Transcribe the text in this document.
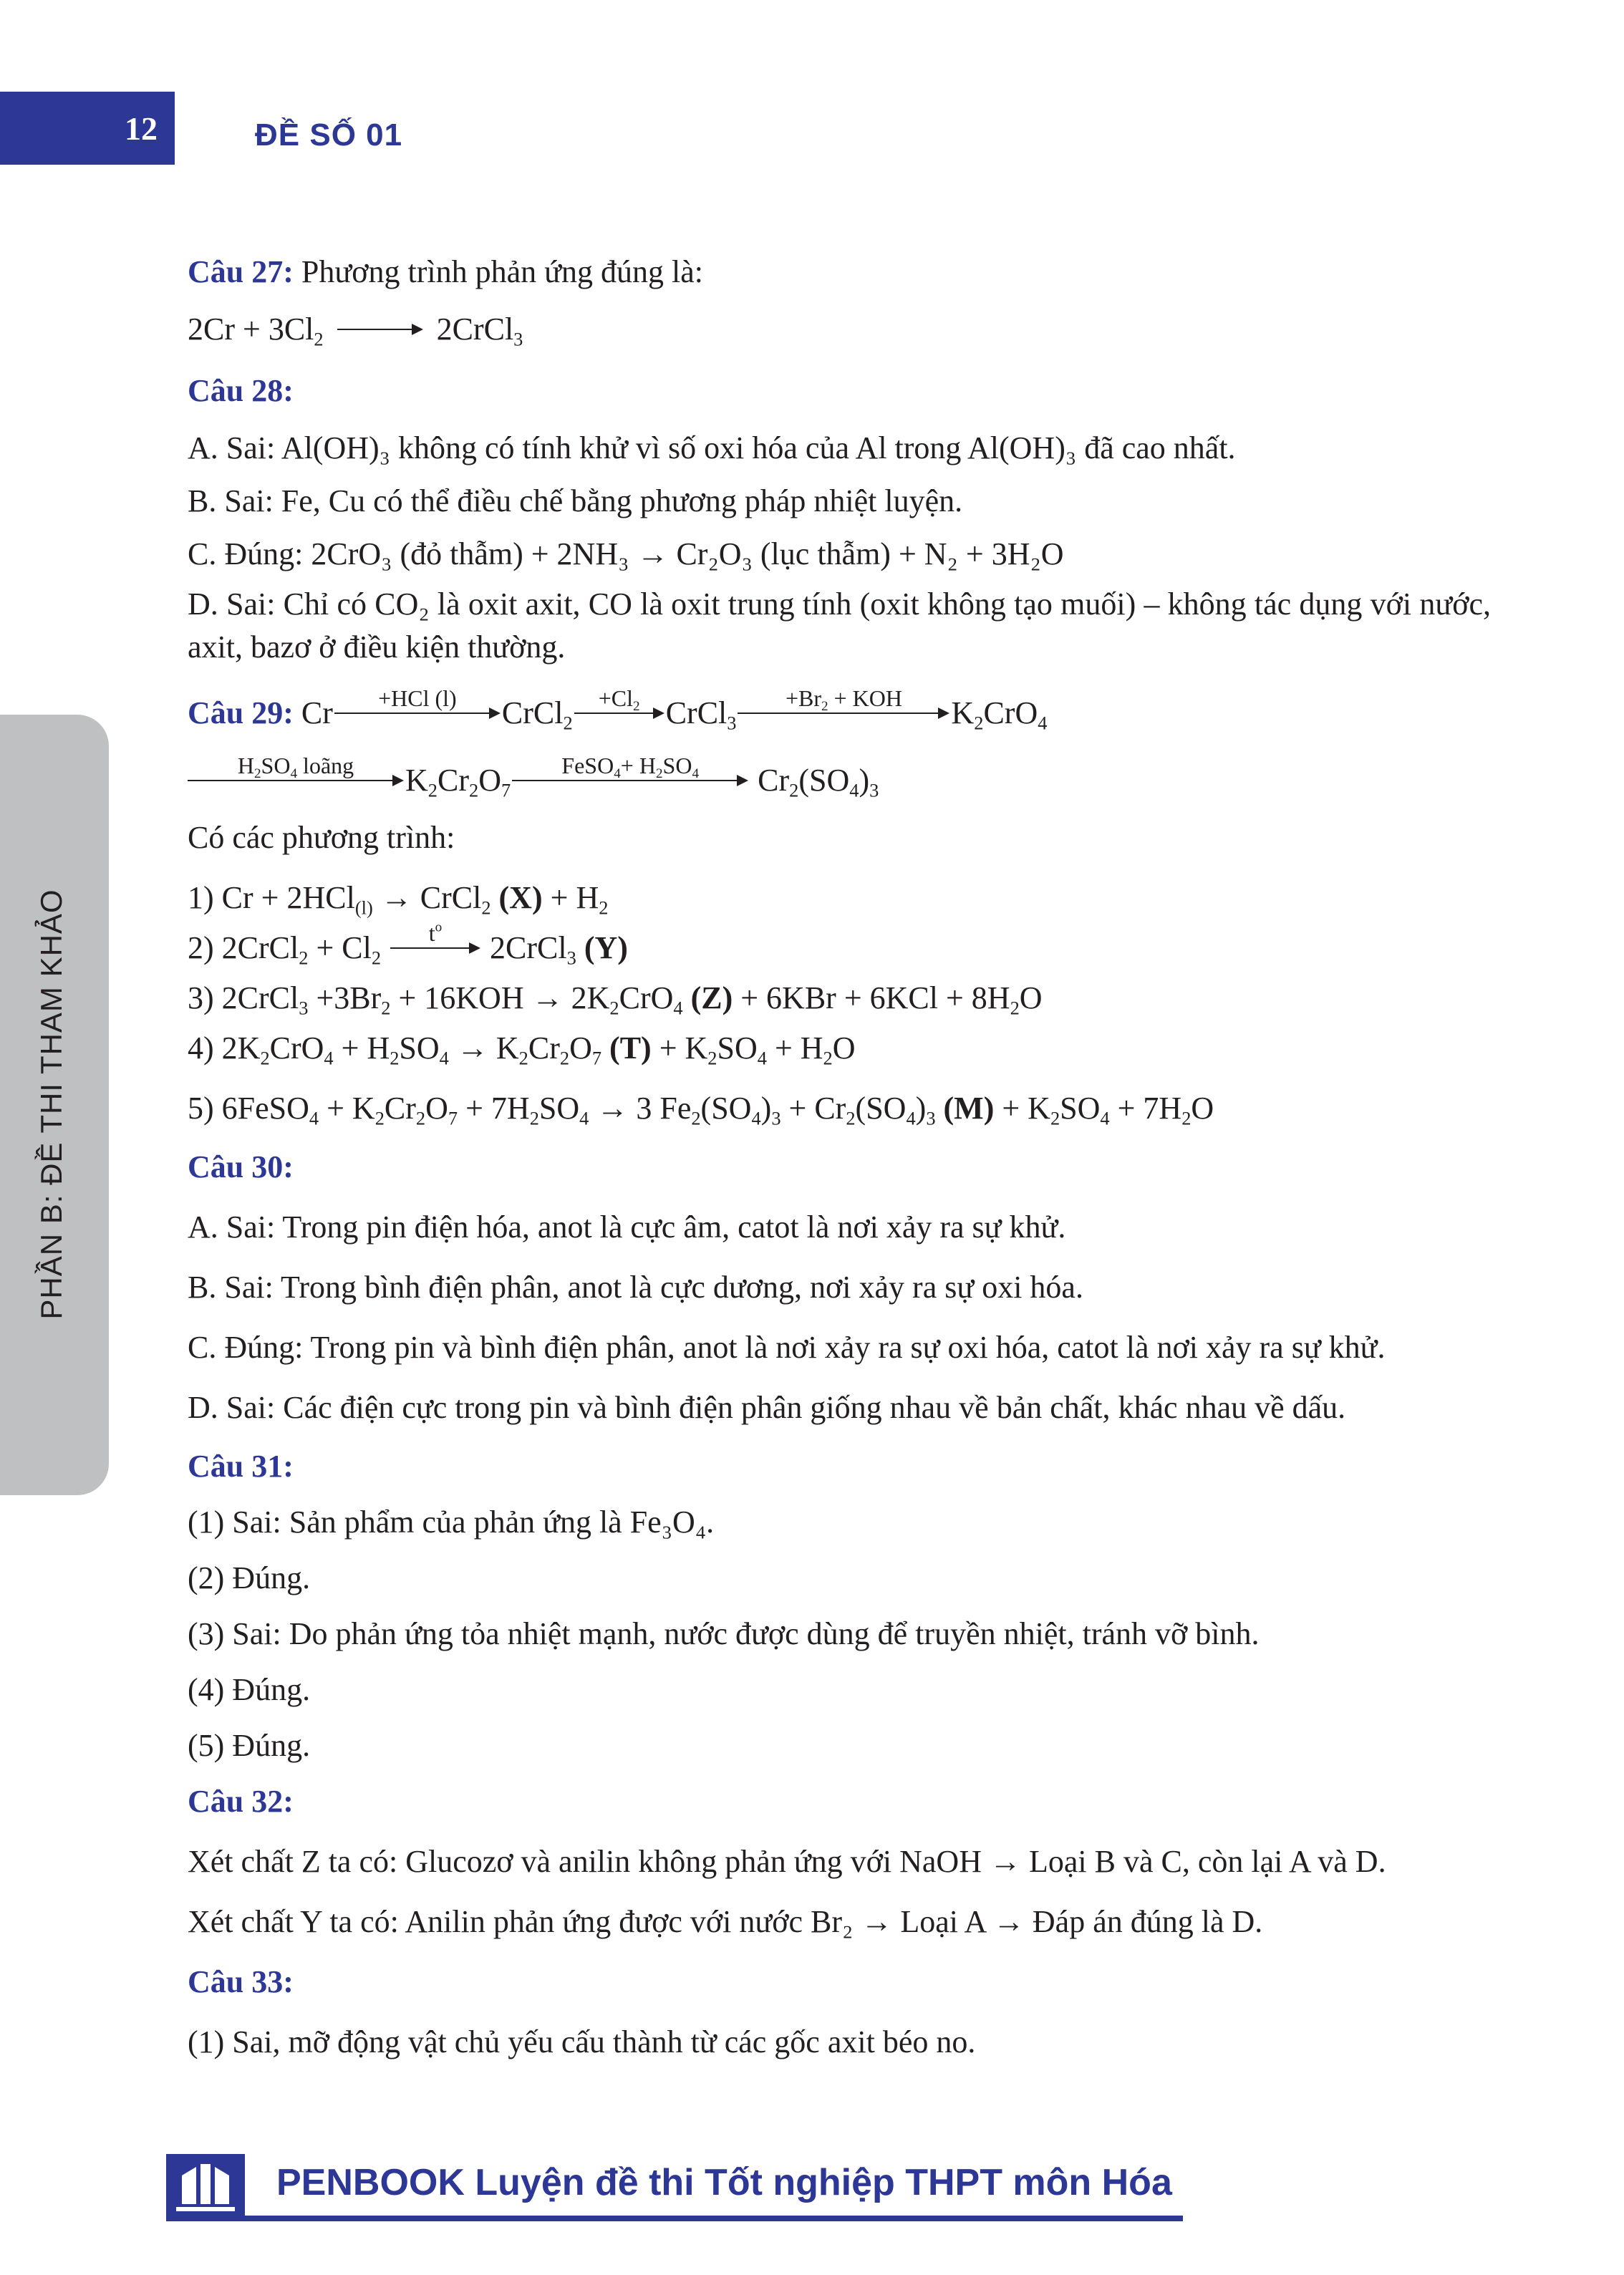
12	ĐỀ SỐ 01
PHẦN B: ĐỀ THI THAM KHẢO
Câu 27: Phương trình phản ứng đúng là:
$2Cr + 3Cl_2$	2CrCl$_3$
Câu 28:
A. Sai: Al(OH)₃ không có tính khử vì số oxi hóa của Al trong Al(OH)₃ đã cao nhất.
B. Sai: Fe, Cu có thể điều chế bằng phương pháp nhiệt luyện.
C. Đúng: 2CrO₃ (đỏ thẫm) + 2NH₃ → Cr₂O₃ (lục thẫm) + N₂ + 3H₂O
D. Sai: Chỉ có CO₂ là oxit axit, CO là oxit trung tính (oxit không tạo muối) – không tác dụng với nước, axit, bazơ ở điều kiện thường.
Câu 29: Cr	+HCl (l)	CrCl$_2$
$+Cl_2$ CrCl$_3$
$+Br_2$ + KOH	$K_2CrO_4$
$H_2SO_4$ loãng	$K_2Cr_2O_7$
FeSO$_4$+ $H_2SO_4$	$Cr_2(SO_4)_3$
Có các phương trình:
1) Cr + 2HCl$_{(l)}$ → CrCl$_2$ $(X) + H_2$
2) 2CrCl$_2$ + $Cl_2$
$t^o$
2CrCl$_3$ (Y)
3) 2CrCl$_3$ $+3Br_2 + 16KOH \to 2K_2CrO_4$ $(Z) + 6KBr + 6KCl + 8H_2O$
4) $2K_2CrO_4 + H_2SO_4 \to K_2Cr_2O_7$ $(T) + K_2SO_4 + H_2O$
5) 6FeSO$_4$ + $K_2Cr_2O_7 + 7H_2SO_4 \to 3$ $Fe_2(SO_4)_3 + Cr_2(SO_4)_3$ $(M) + K_2SO_4 + 7H_2O$
Câu 30:
A. Sai: Trong pin điện hóa, anot là cực âm, catot là nơi xảy ra sự khử.
B. Sai: Trong bình điện phân, anot là cực dương, nơi xảy ra sự oxi hóa.
C. Đúng: Trong pin và bình điện phân, anot là nơi xảy ra sự oxi hóa, catot là nơi xảy ra sự khử.
D. Sai: Các điện cực trong pin và bình điện phân giống nhau về bản chất, khác nhau về dấu.
Câu 31:
(1) Sai: Sản phẩm của phản ứng là Fe₃O₄.
(2) Đúng.
(3) Sai: Do phản ứng tỏa nhiệt mạnh, nước được dùng để truyền nhiệt, tránh vỡ bình.
(4) Đúng.
(5) Đúng.
Câu 32:
Xét chất Z ta có: Glucozơ và anilin không phản ứng với NaOH → Loại B và C, còn lại A và D.
Xét chất Y ta có: Anilin phản ứng được với nước Br₂ → Loại A → Đáp án đúng là D.
Câu 33:
(1) Sai, mỡ động vật chủ yếu cấu thành từ các gốc axit béo no.
PENBOOK Luyện đề thi Tốt nghiệp THPT môn Hóa
